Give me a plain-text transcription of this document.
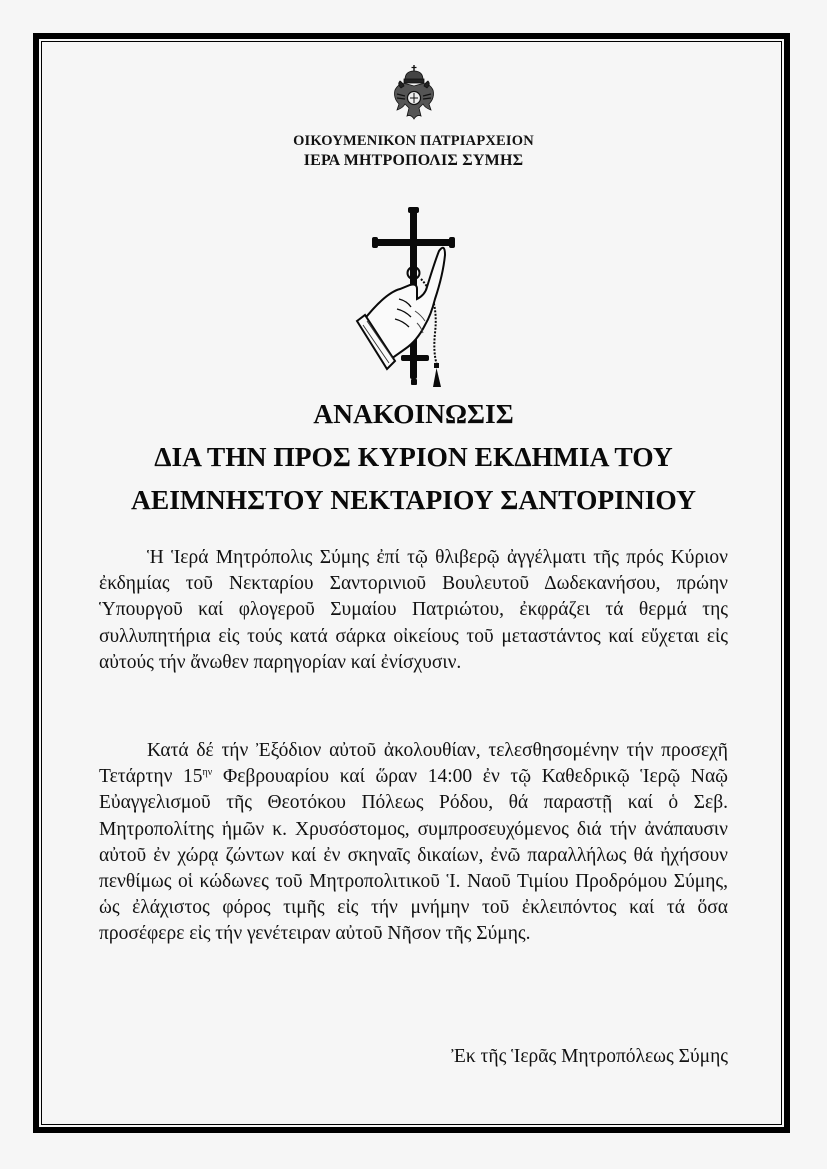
ΟΙΚΟΥΜΕΝΙΚΟΝ ΠΑΤΡΙΑΡΧΕΙΟΝ
ΙΕΡΑ ΜΗΤΡΟΠΟΛΙΣ ΣΥΜΗΣ
ΑΝΑΚΟΙΝΩΣΙΣ
ΔΙΑ ΤΗΝ ΠΡΟΣ ΚΥΡΙΟΝ ΕΚΔΗΜΙΑ ΤΟΥ
ΑΕΙΜΝΗΣΤΟΥ ΝΕΚΤΑΡΙΟΥ ΣΑΝΤΟΡΙΝΙΟΥ

Ἡ Ἱερά Μητρόπολις Σύμης ἐπί τῷ θλιβερῷ ἀγγέλματι τῆς πρός Κύριον ἐκδημίας τοῦ Νεκταρίου Σαντορινιοῦ Βουλευτοῦ Δωδεκανήσου, πρώην Ὑπουργοῦ καί φλογεροῦ Συμαίου Πατριώτου, ἐκφράζει τά θερμά της συλλυπητήρια εἰς τούς κατά σάρκα οἰκείους τοῦ μεταστάντος καί εὔχεται εἰς αὐτούς τήν ἄνωθεν παρηγορίαν καί ἐνίσχυσιν.

Κατά δέ τήν Ἐξόδιον αὐτοῦ ἀκολουθίαν, τελεσθησομένην τήν προσεχῆ Τετάρτην $15^{\eta\nu}$ Φεβρουαρίου καί ὥραν 14:00 ἐν τῷ Καθεδρικῷ Ἱερῷ Ναῷ Εὐαγγελισμοῦ τῆς Θεοτόκου Πόλεως Ρόδου, θά παραστῇ καί ὁ Σεβ. Μητροπολίτης ἡμῶν κ. Χρυσόστομος, συμπροσευχόμενος διά τήν ἀνάπαυσιν αὐτοῦ ἐν χώρᾳ ζώντων καί ἐν σκηναῖς δικαίων, ἐνῶ παραλλήλως θά ἠχήσουν πενθίμως οἱ κώδωνες τοῦ Μητροπολιτικοῦ Ἱ. Ναοῦ Τιμίου Προδρόμου Σύμης, ὡς ἐλάχιστος φόρος τιμῆς εἰς τήν μνήμην τοῦ ἐκλειπόντος καί τά ὅσα προσέφερε εἰς τήν γενέτειραν αὐτοῦ Νῆσον τῆς Σύμης.

Ἐκ τῆς Ἱερᾶς Μητροπόλεως Σύμης
